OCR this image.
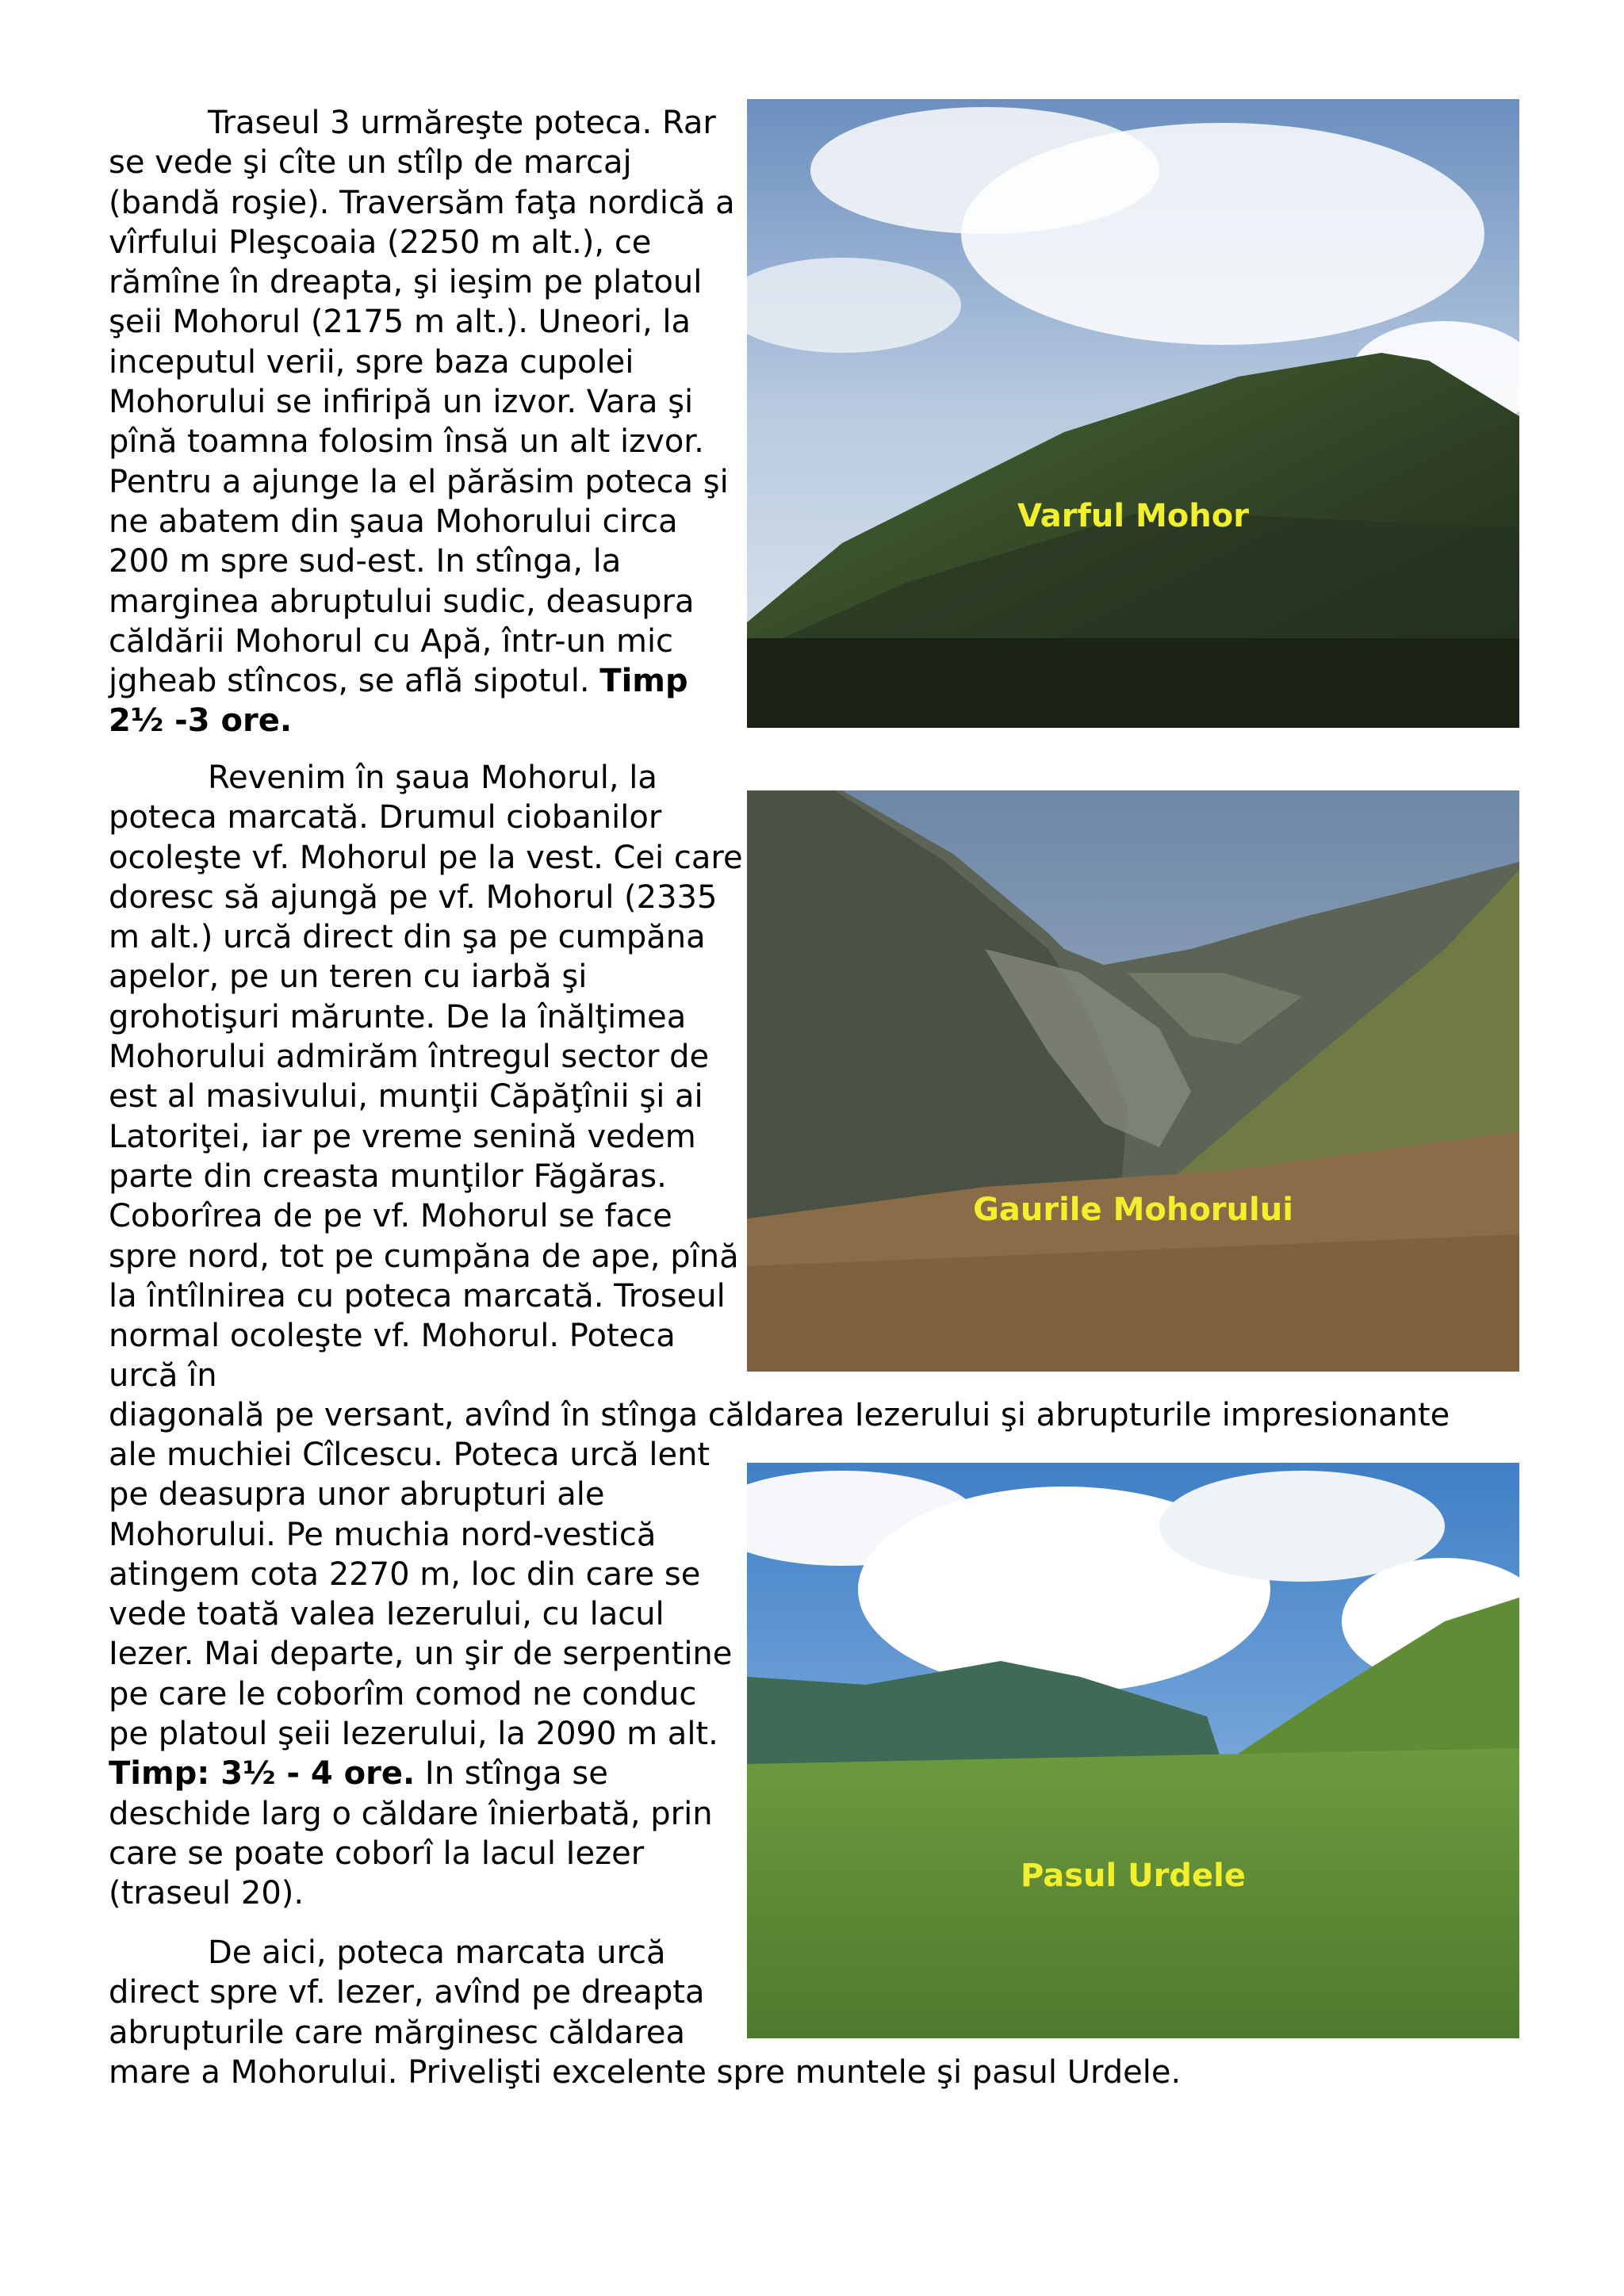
Traseul 3 urmăreşte poteca. Rar se vede şi cîte un stîlp de marcaj (bandă roşie). Traversăm faţa nordică a vîrfului Pleşcoaia (2250 m alt.), ce rămîne în dreapta, şi ieşim pe platoul şeii Mohorul (2175 m alt.). Uneori, la inceputul verii, spre baza cupolei Mohorului se infiripă un izvor. Vara şi pînă toamna folosim însă un alt izvor. Pentru a ajunge la el părăsim poteca şi ne abatem din şaua Mohorului circa 200 m spre sud-est. In stînga, la marginea abruptului sudic, deasupra căldării Mohorul cu Apă, într-un mic jgheab stîncos, se află sipotul. Timp 2½ -3 ore.

Revenim în şaua Mohorul, la poteca marcată. Drumul ciobanilor ocoleşte vf. Mohorul pe la vest. Cei care doresc să ajungă pe vf. Mohorul (2335 m alt.) urcă direct din şa pe cumpăna apelor, pe un teren cu iarbă şi grohotişuri mărunte. De la înălţimea Mohorului admirăm întregul sector de est al masivului, munţii Căpăţînii şi ai Latoriţei, iar pe vreme senină vedem parte din creasta munţilor Făgăras. Coborîrea de pe vf. Mohorul se face spre nord, tot pe cumpăna de ape, pînă la întîlnirea cu poteca marcată. Troseul normal ocoleşte vf. Mohorul. Poteca urcă în

diagonală pe versant, avînd în stînga căldarea Iezerului şi abrupturile impresionante

ale muchiei Cîlcescu. Poteca urcă lent pe deasupra unor abrupturi ale Mohorului. Pe muchia nord-vestică atingem cota 2270 m, loc din care se vede toată valea Iezerului, cu lacul Iezer. Mai departe, un şir de serpentine pe care le coborîm comod ne conduc pe platoul şeii Iezerului, la 2090 m alt. Timp: 3½ - 4 ore. In stînga se deschide larg o căldare înierbată, prin care se poate coborî la lacul Iezer (traseul 20).

De aici, poteca marcata urcă direct spre vf. Iezer, avînd pe dreapta abrupturile care mărginesc căldarea

mare a Mohorului. Privelişti excelente spre muntele şi pasul Urdele.
Varful Mohor
Gaurile Mohorului
Pasul Urdele
